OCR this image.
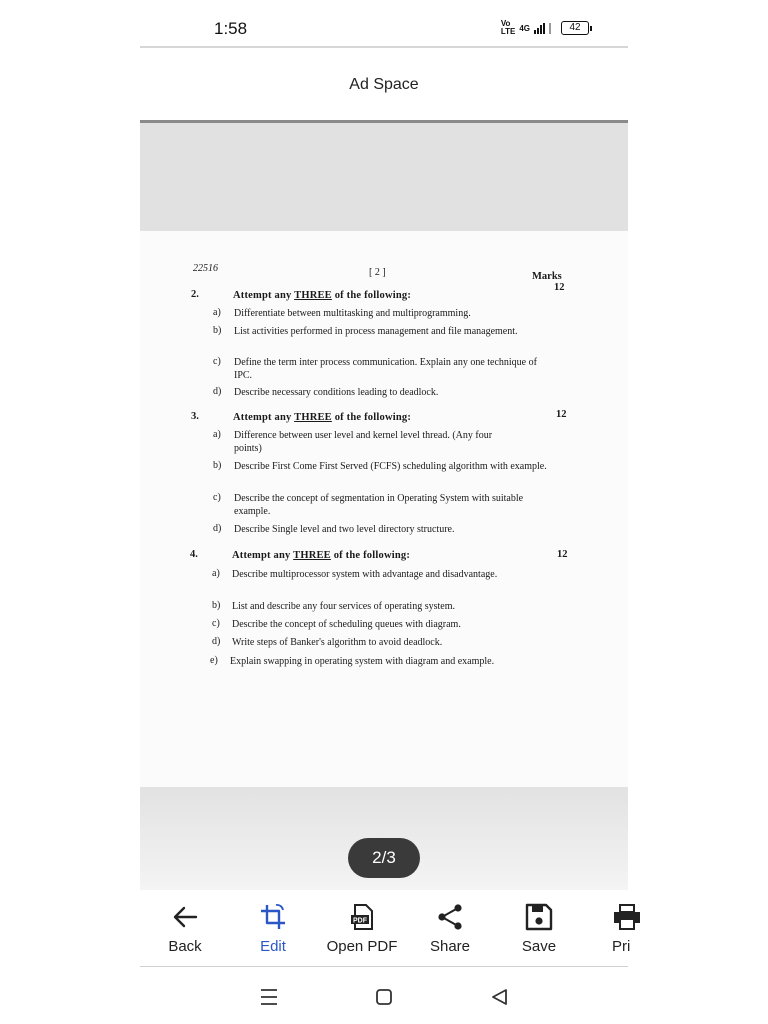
1:58	Vo
LTE 4G	42
Ad Space
22516	[ 2 ]	Marks
2.	Attempt any THREE of the following:
12
a) Differentiate between multitasking and multiprogramming.
b) List activities performed in process management and file management.
c) Define the term inter process communication. Explain any one technique of IPC.
d) Describe necessary conditions leading to deadlock.
3.	Attempt any THREE of the following:	12
a) Difference between user level and kernel level thread. (Any four points)
b) Describe First Come First Served (FCFS) scheduling algorithm with example.
c) Describe the concept of segmentation in Operating System with suitable example.
d) Describe Single level and two level directory structure.
4.	Attempt any THREE of the following:	12
a) Describe multiprocessor system with advantage and disadvantage.
b) List and describe any four services of operating system.
c) Describe the concept of scheduling queues with diagram.
d) Write steps of Banker's algorithm to avoid deadlock.
e) Explain swapping in operating system with diagram and example.
2/3
Back	Edit
PDF
Open PDF	Share	Save	Pri
